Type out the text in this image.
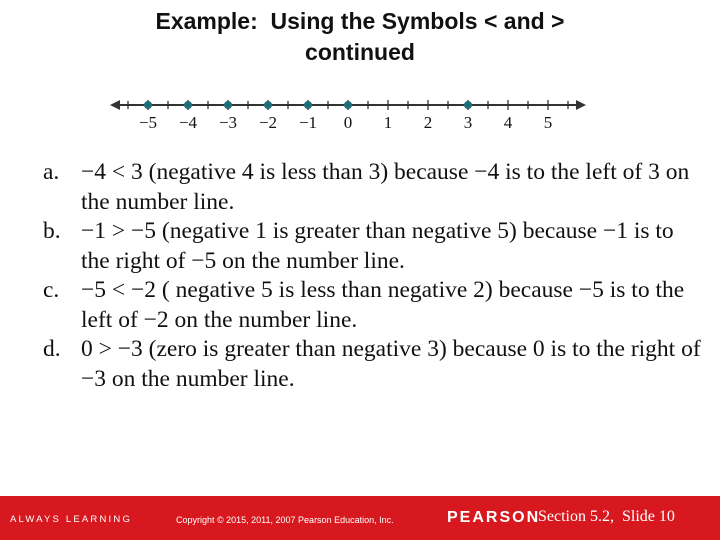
Example:  Using the Symbols < and >
continued
−5 −4 −3 −2 −1 0 1 2 3 4 5

a. −4 < 3 (negative 4 is less than 3) because −4 is to the left of 3 on the number line.

b. −1 > −5 (negative 1 is greater than negative 5) because −1 is to the right of −5 on the number line.

c. −5 < −2 ( negative 5 is less than negative 2) because −5 is to the left of −2 on the number line.

d. 0 > −3 (zero is greater than negative 3) because 0 is to the right of −3 on the number line.

ALWAYS LEARNING	Copyright © 2015, 2011, 2007 Pearson Education, Inc.	PEARSON
Section 5.2,  Slide 10
